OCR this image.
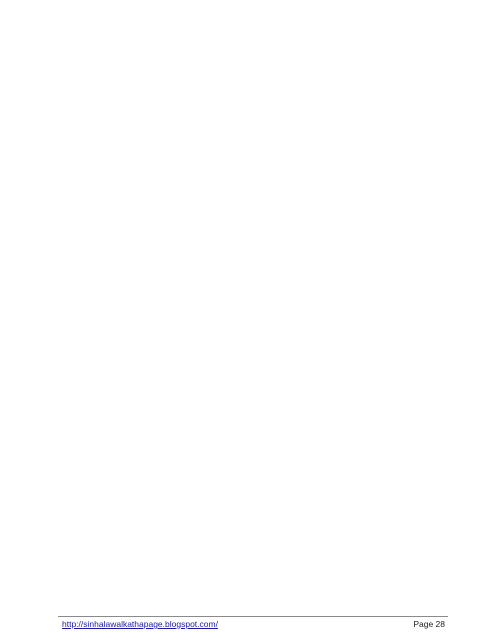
http://sinhalawalkathapage.blogspot.com/	Page 28
